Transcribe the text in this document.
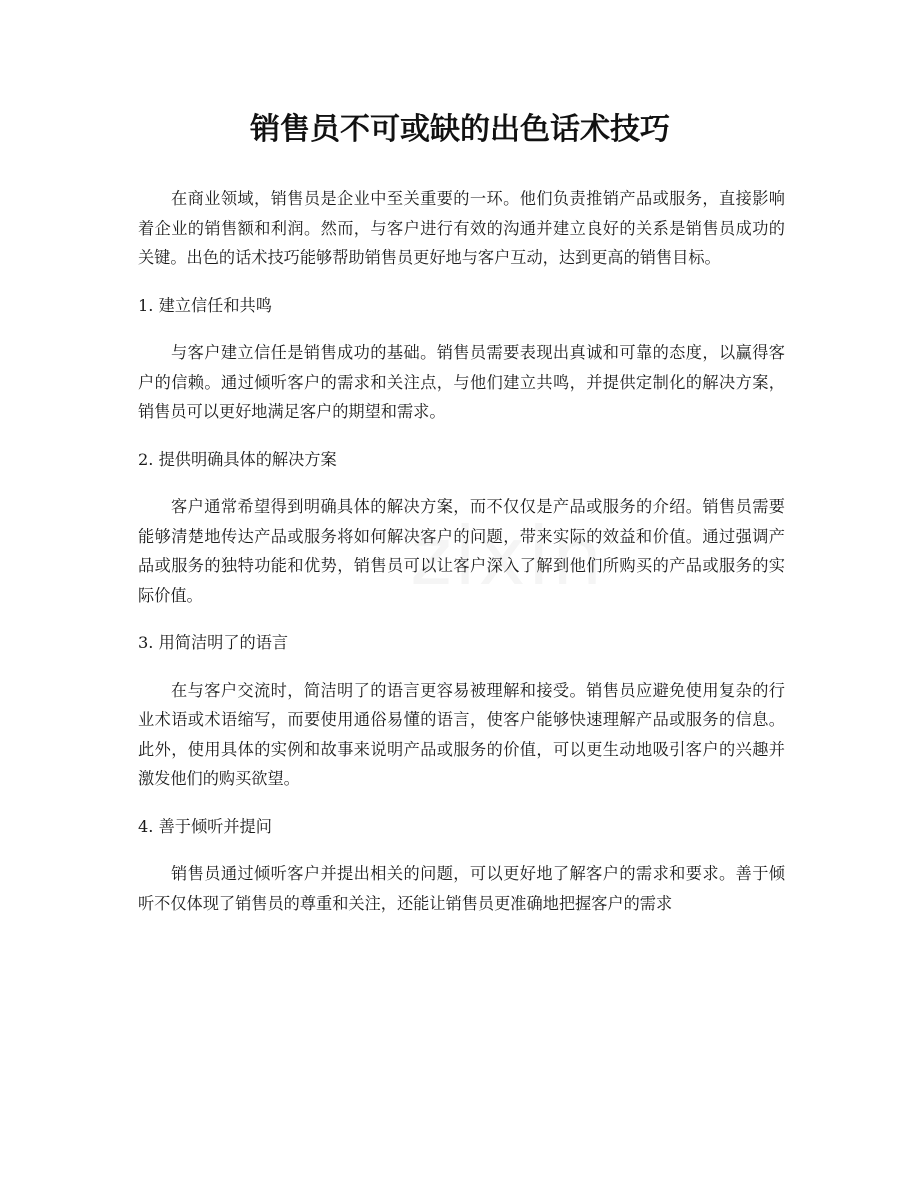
销售员不可或缺的出色话术技巧

在商业领域，销售员是企业中至关重要的一环。他们负责推销产品或服务，直接影响着企业的销售额和利润。然而，与客户进行有效的沟通并建立良好的关系是销售员成功的关键。出色的话术技巧能够帮助销售员更好地与客户互动，达到更高的销售目标。

1. 建立信任和共鸣

与客户建立信任是销售成功的基础。销售员需要表现出真诚和可靠的态度，以赢得客户的信赖。通过倾听客户的需求和关注点，与他们建立共鸣，并提供定制化的解决方案，销售员可以更好地满足客户的期望和需求。

2. 提供明确具体的解决方案

客户通常希望得到明确具体的解决方案，而不仅仅是产品或服务的介绍。销售员需要能够清楚地传达产品或服务将如何解决客户的问题，带来实际的效益和价值。通过强调产品或服务的独特功能和优势，销售员可以让客户深入了解到他们所购买的产品或服务的实际价值。

3. 用简洁明了的语言

在与客户交流时，简洁明了的语言更容易被理解和接受。销售员应避免使用复杂的行业术语或术语缩写，而要使用通俗易懂的语言，使客户能够快速理解产品或服务的信息。此外，使用具体的实例和故事来说明产品或服务的价值，可以更生动地吸引客户的兴趣并激发他们的购买欲望。

4. 善于倾听并提问

销售员通过倾听客户并提出相关的问题，可以更好地了解客户的需求和要求。善于倾听不仅体现了销售员的尊重和关注，还能让销售员更准确地把握客户的需求
